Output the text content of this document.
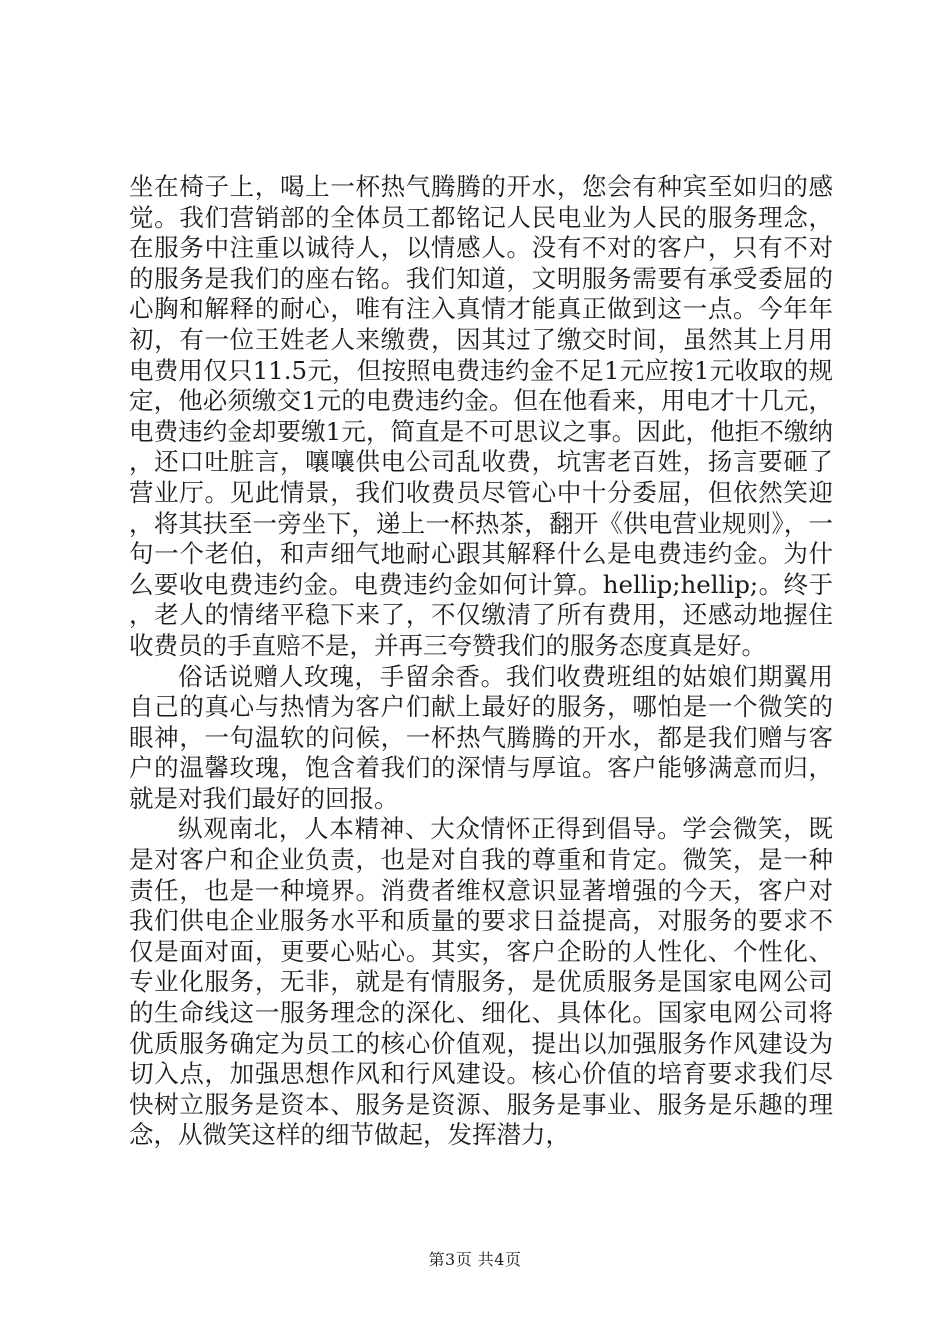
坐在椅子上，喝上一杯热气腾腾的开水，您会有种宾至如归的感觉。我们营销部的全体员工都铭记人民电业为人民的服务理念，在服务中注重以诚待人，以情感人。没有不对的客户，只有不对的服务是我们的座右铭。我们知道，文明服务需要有承受委屈的心胸和解释的耐心，唯有注入真情才能真正做到这一点。今年年初，有一位王姓老人来缴费，因其过了缴交时间，虽然其上月用电费用仅只11.5元，但按照电费违约金不足1元应按1元收取的规定，他必须缴交1元的电费违约金。但在他看来，用电才十几元，电费违约金却要缴1元，简直是不可思议之事。因此，他拒不缴纳，还口吐脏言，嚷嚷供电公司乱收费，坑害老百姓，扬言要砸了营业厅。见此情景，我们收费员尽管心中十分委屈，但依然笑迎，将其扶至一旁坐下，递上一杯热茶，翻开《供电营业规则》，一句一个老伯，和声细气地耐心跟其解释什么是电费违约金。为什么要收电费违约金。电费违约金如何计算。hellip;hellip;。终于，老人的情绪平稳下来了，不仅缴清了所有费用，还感动地握住收费员的手直赔不是，并再三夸赞我们的服务态度真是好。

俗话说赠人玫瑰，手留余香。我们收费班组的姑娘们期翼用自己的真心与热情为客户们献上最好的服务，哪怕是一个微笑的眼神，一句温软的问候，一杯热气腾腾的开水，都是我们赠与客户的温馨玫瑰，饱含着我们的深情与厚谊。客户能够满意而归，就是对我们最好的回报。

纵观南北，人本精神、大众情怀正得到倡导。学会微笑，既是对客户和企业负责，也是对自我的尊重和肯定。微笑，是一种责任，也是一种境界。消费者维权意识显著增强的今天，客户对我们供电企业服务水平和质量的要求日益提高，对服务的要求不仅是面对面，更要心贴心。其实，客户企盼的人性化、个性化、专业化服务，无非，就是有情服务，是优质服务是国家电网公司的生命线这一服务理念的深化、细化、具体化。国家电网公司将优质服务确定为员工的核心价值观，提出以加强服务作风建设为切入点，加强思想作风和行风建设。核心价值的培育要求我们尽快树立服务是资本、服务是资源、服务是事业、服务是乐趣的理念，从微笑这样的细节做起，发挥潜力，

第3页 共4页
